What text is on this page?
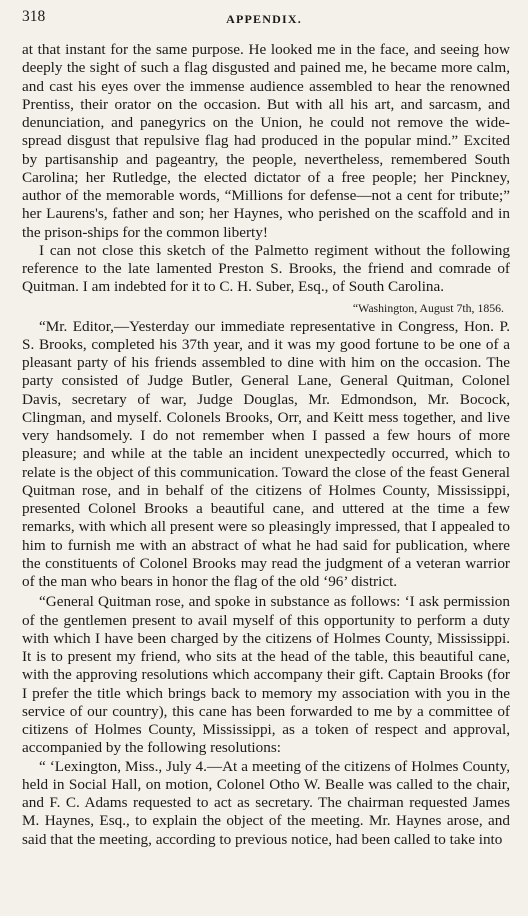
318	APPENDIX.

at that instant for the same purpose. He looked me in the face, and seeing how deeply the sight of such a flag disgusted and pained me, he became more calm, and cast his eyes over the immense audience assembled to hear the renowned Prentiss, their orator on the occasion. But with all his art, and sarcasm, and denunciation, and panegyrics on the Union, he could not remove the wide-spread disgust that repulsive flag had produced in the popular mind.” Excited by partisanship and pageantry, the people, nevertheless, remembered South Carolina; her Rutledge, the elected dictator of a free people; her Pinckney, author of the memorable words, “Millions for defense—not a cent for tribute;” her Laurens's, father and son; her Haynes, who perished on the scaffold and in the prison-ships for the common liberty!

I can not close this sketch of the Palmetto regiment without the following reference to the late lamented Preston S. Brooks, the friend and comrade of Quitman. I am indebted for it to C. H. Suber, Esq., of South Carolina.

“Washington, August 7th, 1856.

“Mr. Editor,—Yesterday our immediate representative in Congress, Hon. P. S. Brooks, completed his 37th year, and it was my good fortune to be one of a pleasant party of his friends assembled to dine with him on the occasion. The party consisted of Judge Butler, General Lane, General Quitman, Colonel Davis, secretary of war, Judge Douglas, Mr. Edmondson, Mr. Bocock, Clingman, and myself. Colonels Brooks, Orr, and Keitt mess together, and live very handsomely. I do not remember when I passed a few hours of more pleasure; and while at the table an incident unexpectedly occurred, which to relate is the object of this communication. Toward the close of the feast General Quitman rose, and in behalf of the citizens of Holmes County, Mississippi, presented Colonel Brooks a beautiful cane, and uttered at the time a few remarks, with which all present were so pleasingly impressed, that I appealed to him to furnish me with an abstract of what he had said for publication, where the constituents of Colonel Brooks may read the judgment of a veteran warrior of the man who bears in honor the flag of the old ‘96’ district.

“General Quitman rose, and spoke in substance as follows: ‘I ask permission of the gentlemen present to avail myself of this opportunity to perform a duty with which I have been charged by the citizens of Holmes County, Mississippi. It is to present my friend, who sits at the head of the table, this beautiful cane, with the approving resolutions which accompany their gift. Captain Brooks (for I prefer the title which brings back to memory my association with you in the service of our country), this cane has been forwarded to me by a committee of citizens of Holmes County, Mississippi, as a token of respect and approval, accompanied by the following resolutions:

“ ‘Lexington, Miss., July 4.—At a meeting of the citizens of Holmes County, held in Social Hall, on motion, Colonel Otho W. Bealle was called to the chair, and F. C. Adams requested to act as secretary. The chairman requested James M. Haynes, Esq., to explain the object of the meeting. Mr. Haynes arose, and said that the meeting, according to previous notice, had been called to take into
